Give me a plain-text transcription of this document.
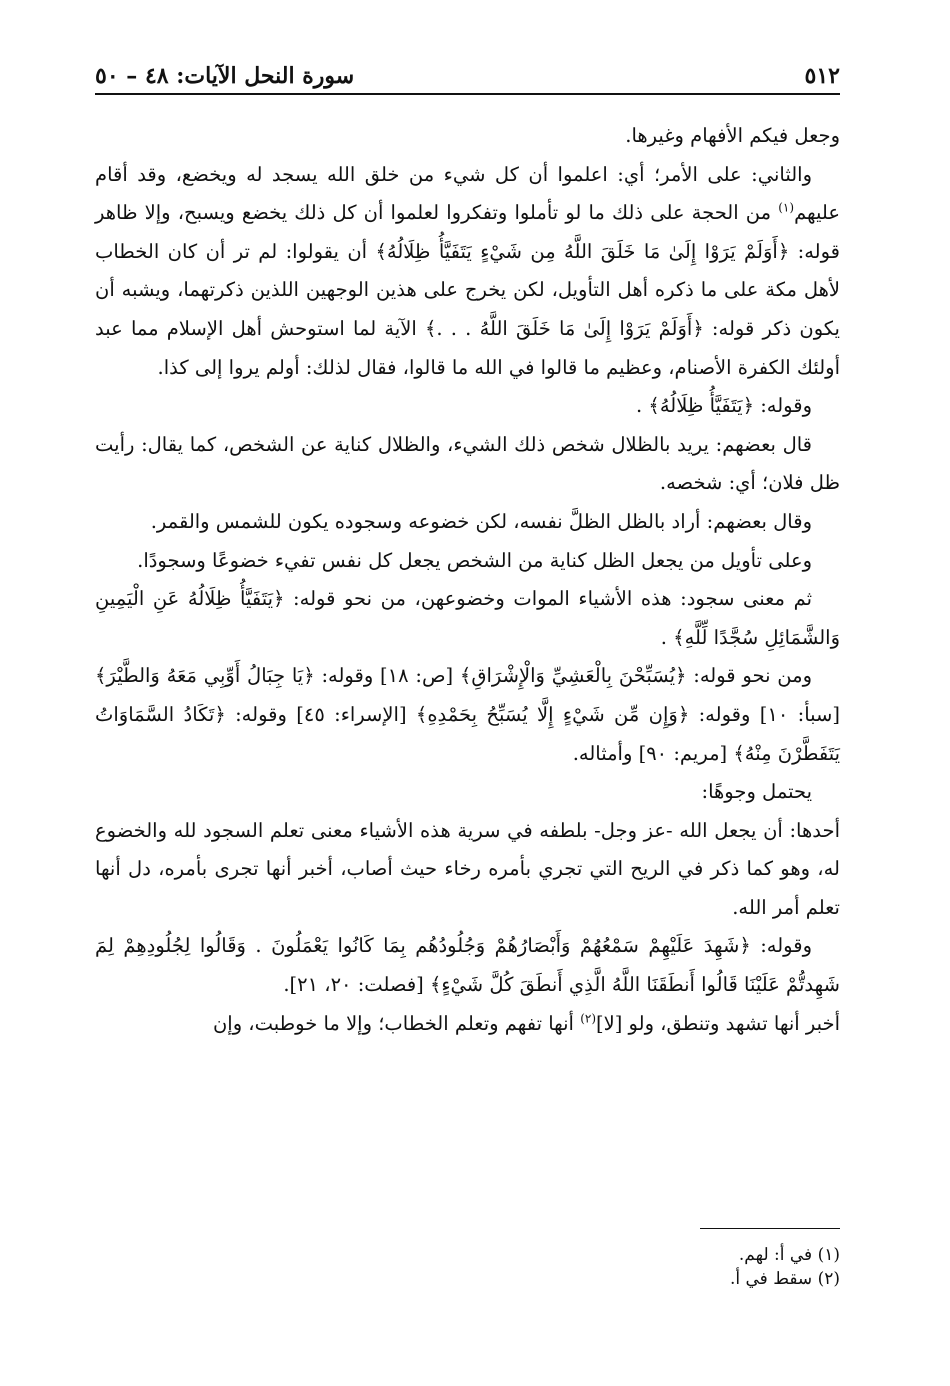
٥١٢
سورة النحل الآيات: ٤٨ – ٥٠

وجعل فيكم الأفهام وغيرها.

والثاني: على الأمر؛ أي: اعلموا أن كل شيء من خلق الله يسجد له ويخضع، وقد أقام عليهم$^{(١)}$ من الحجة على ذلك ما لو تأملوا وتفكروا لعلموا أن كل ذلك يخضع ويسبح، وإلا ظاهر قوله: ﴿أَوَلَمْ يَرَوْا إِلَىٰ مَا خَلَقَ اللَّهُ مِن شَيْءٍ يَتَفَيَّأُ ظِلَالُهُ﴾ أن يقولوا: لم تر أن كان الخطاب لأهل مكة على ما ذكره أهل التأويل، لكن يخرج على هذين الوجهين اللذين ذكرتهما، ويشبه أن يكون ذكر قوله: ﴿أَوَلَمْ يَرَوْا إِلَىٰ مَا خَلَقَ اللَّهُ . . .﴾ الآية لما استوحش أهل الإسلام مما عبد أولئك الكفرة الأصنام، وعظيم ما قالوا في الله ما قالوا، فقال لذلك: أولم يروا إلى كذا.

وقوله: ﴿يَتَفَيَّأُ ظِلَالُهُ﴾ .

قال بعضهم: يريد بالظلال شخص ذلك الشيء، والظلال كناية عن الشخص، كما يقال: رأيت ظل فلان؛ أي: شخصه.

وقال بعضهم: أراد بالظل الظلَّ نفسه، لكن خضوعه وسجوده يكون للشمس والقمر.

وعلى تأويل من يجعل الظل كناية من الشخص يجعل كل نفس تفيء خضوعًا وسجودًا.

ثم معنى سجود: هذه الأشياء الموات وخضوعهن، من نحو قوله: ﴿يَتَفَيَّأُ ظِلَالُهُ عَنِ الْيَمِينِ وَالشَّمَائِلِ سُجَّدًا لِّلَّهِ﴾ .

ومن نحو قوله: ﴿يُسَبِّحْنَ بِالْعَشِيِّ وَالْإِشْرَاقِ﴾ [ص: ١٨] وقوله: ﴿يَا جِبَالُ أَوِّبِي مَعَهُ وَالطَّيْرَ﴾ [سبأ: ١٠] وقوله: ﴿وَإِن مِّن شَيْءٍ إِلَّا يُسَبِّحُ بِحَمْدِهِ﴾ [الإسراء: ٤٥] وقوله: ﴿تَكَادُ السَّمَاوَاتُ يَتَفَطَّرْنَ مِنْهُ﴾ [مريم: ٩٠] وأمثاله.

يحتمل وجوهًا:

أحدها: أن يجعل الله -عز وجل- بلطفه في سرية هذه الأشياء معنى تعلم السجود لله والخضوع له، وهو كما ذكر في الريح التي تجري بأمره رخاء حيث أصاب، أخبر أنها تجرى بأمره، دل أنها تعلم أمر الله.

وقوله: ﴿شَهِدَ عَلَيْهِمْ سَمْعُهُمْ وَأَبْصَارُهُمْ وَجُلُودُهُم بِمَا كَانُوا يَعْمَلُونَ . وَقَالُوا لِجُلُودِهِمْ لِمَ شَهِدتُّمْ عَلَيْنَا قَالُوا أَنطَقَنَا اللَّهُ الَّذِي أَنطَقَ كُلَّ شَيْءٍ﴾ [فصلت: ٢٠، ٢١].

أخبر أنها تشهد وتنطق، ولو [لا]$^{(٢)}$ أنها تفهم وتعلم الخطاب؛ وإلا ما خوطبت، وإن

(١) في أ: لهم.
(٢) سقط في أ.
